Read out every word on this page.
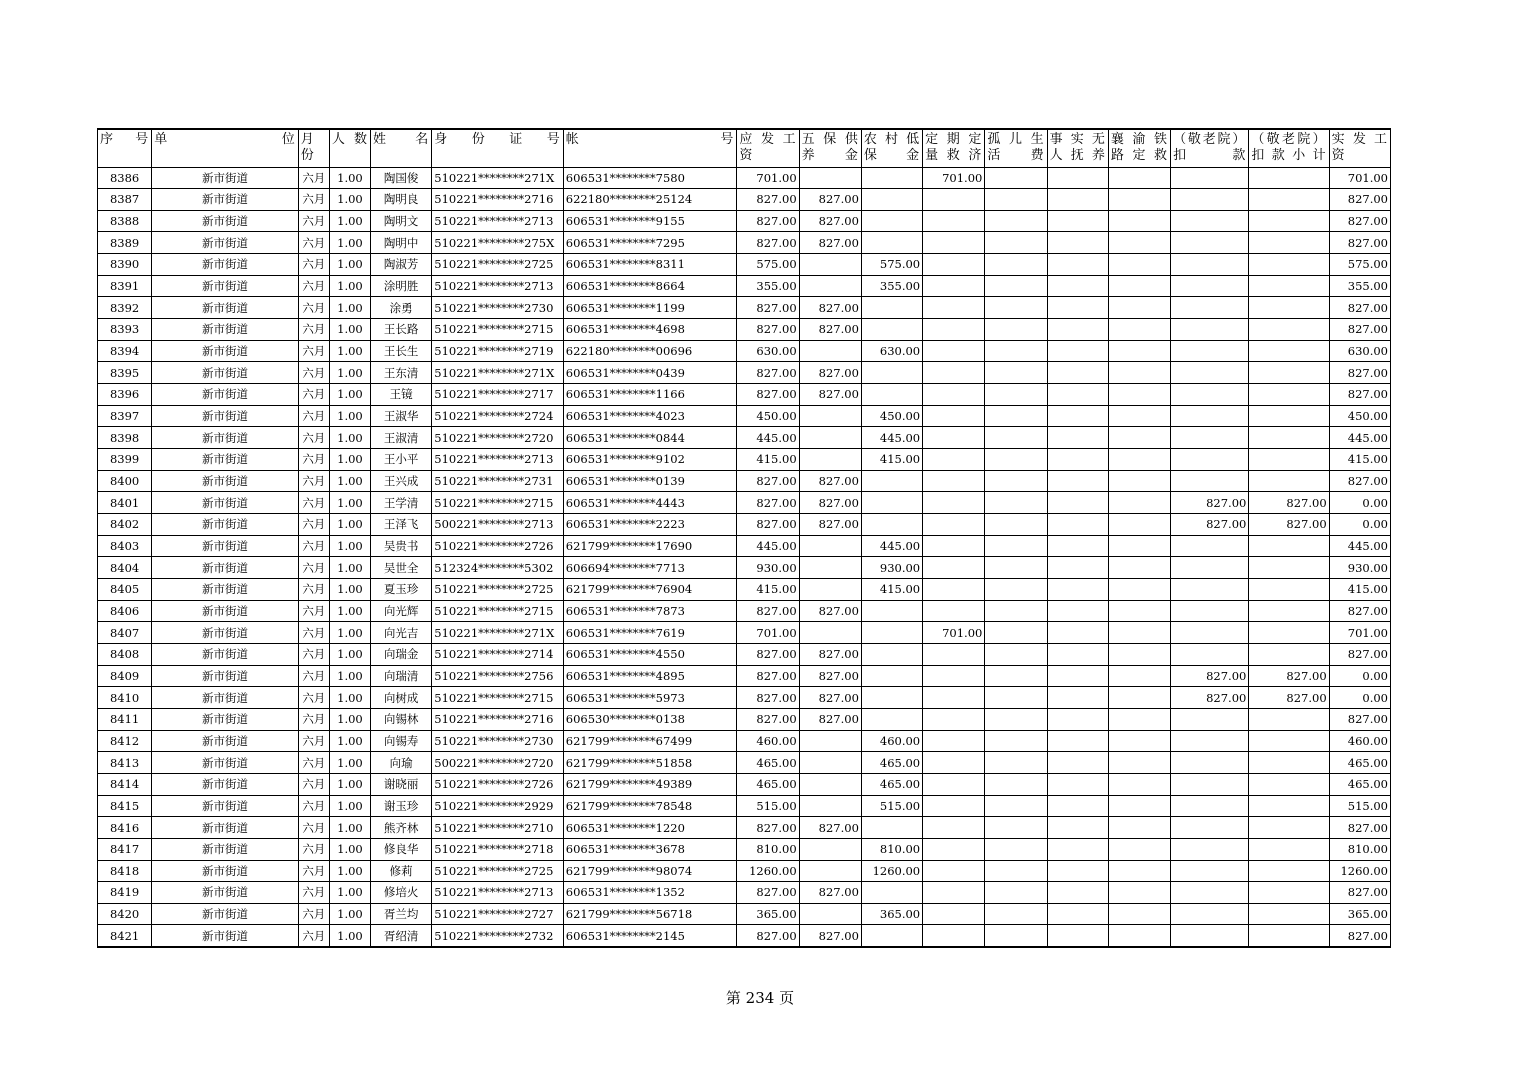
序　号	单　　　　　　　位	月份	人 数	姓　　名	身　份　证　号	帐　　　　　　　　　号	应 发 工 资	五 保 供 养 金	农 村 低 保 金	定 期 定 量 救 济	孤 儿 生 活 费	事 实 无 人 抚 养	襄 渝 铁 路 定 救	（敬老院） 扣 款	（敬老院） 扣 款 小 计	实 发 工 资
8386	新市街道	六月	1.00	陶国俊	510221********271X	606531********7580	701.00			701.00						701.00
8387	新市街道	六月	1.00	陶明良	510221********2716	622180********25124	827.00	827.00								827.00
8388	新市街道	六月	1.00	陶明文	510221********2713	606531********9155	827.00	827.00								827.00
8389	新市街道	六月	1.00	陶明中	510221********275X	606531********7295	827.00	827.00								827.00
8390	新市街道	六月	1.00	陶淑芳	510221********2725	606531********8311	575.00		575.00							575.00
8391	新市街道	六月	1.00	涂明胜	510221********2713	606531********8664	355.00		355.00							355.00
8392	新市街道	六月	1.00	涂勇	510221********2730	606531********1199	827.00	827.00								827.00
8393	新市街道	六月	1.00	王长路	510221********2715	606531********4698	827.00	827.00								827.00
8394	新市街道	六月	1.00	王长生	510221********2719	622180********00696	630.00		630.00							630.00
8395	新市街道	六月	1.00	王东清	510221********271X	606531********0439	827.00	827.00								827.00
8396	新市街道	六月	1.00	王镜	510221********2717	606531********1166	827.00	827.00								827.00
8397	新市街道	六月	1.00	王淑华	510221********2724	606531********4023	450.00		450.00							450.00
8398	新市街道	六月	1.00	王淑清	510221********2720	606531********0844	445.00		445.00							445.00
8399	新市街道	六月	1.00	王小平	510221********2713	606531********9102	415.00		415.00							415.00
8400	新市街道	六月	1.00	王兴成	510221********2731	606531********0139	827.00	827.00								827.00
8401	新市街道	六月	1.00	王学清	510221********2715	606531********4443	827.00	827.00						827.00	827.00	0.00
8402	新市街道	六月	1.00	王泽飞	500221********2713	606531********2223	827.00	827.00						827.00	827.00	0.00
8403	新市街道	六月	1.00	吴贵书	510221********2726	621799********17690	445.00		445.00							445.00
8404	新市街道	六月	1.00	吴世全	512324********5302	606694********7713	930.00		930.00							930.00
8405	新市街道	六月	1.00	夏玉珍	510221********2725	621799********76904	415.00		415.00							415.00
8406	新市街道	六月	1.00	向光辉	510221********2715	606531********7873	827.00	827.00								827.00
8407	新市街道	六月	1.00	向光吉	510221********271X	606531********7619	701.00			701.00						701.00
8408	新市街道	六月	1.00	向瑞金	510221********2714	606531********4550	827.00	827.00								827.00
8409	新市街道	六月	1.00	向瑞清	510221********2756	606531********4895	827.00	827.00						827.00	827.00	0.00
8410	新市街道	六月	1.00	向树成	510221********2715	606531********5973	827.00	827.00						827.00	827.00	0.00
8411	新市街道	六月	1.00	向锡林	510221********2716	606530********0138	827.00	827.00								827.00
8412	新市街道	六月	1.00	向锡寿	510221********2730	621799********67499	460.00		460.00							460.00
8413	新市街道	六月	1.00	向瑜	500221********2720	621799********51858	465.00		465.00							465.00
8414	新市街道	六月	1.00	谢晓丽	510221********2726	621799********49389	465.00		465.00							465.00
8415	新市街道	六月	1.00	谢玉珍	510221********2929	621799********78548	515.00		515.00							515.00
8416	新市街道	六月	1.00	熊齐林	510221********2710	606531********1220	827.00	827.00								827.00
8417	新市街道	六月	1.00	修良华	510221********2718	606531********3678	810.00		810.00							810.00
8418	新市街道	六月	1.00	修莉	510221********2725	621799********98074	1260.00		1260.00							1260.00
8419	新市街道	六月	1.00	修培火	510221********2713	606531********1352	827.00	827.00								827.00
8420	新市街道	六月	1.00	胥兰均	510221********2727	621799********56718	365.00		365.00							365.00
8421	新市街道	六月	1.00	胥绍清	510221********2732	606531********2145	827.00	827.00								827.00
第 234 页
